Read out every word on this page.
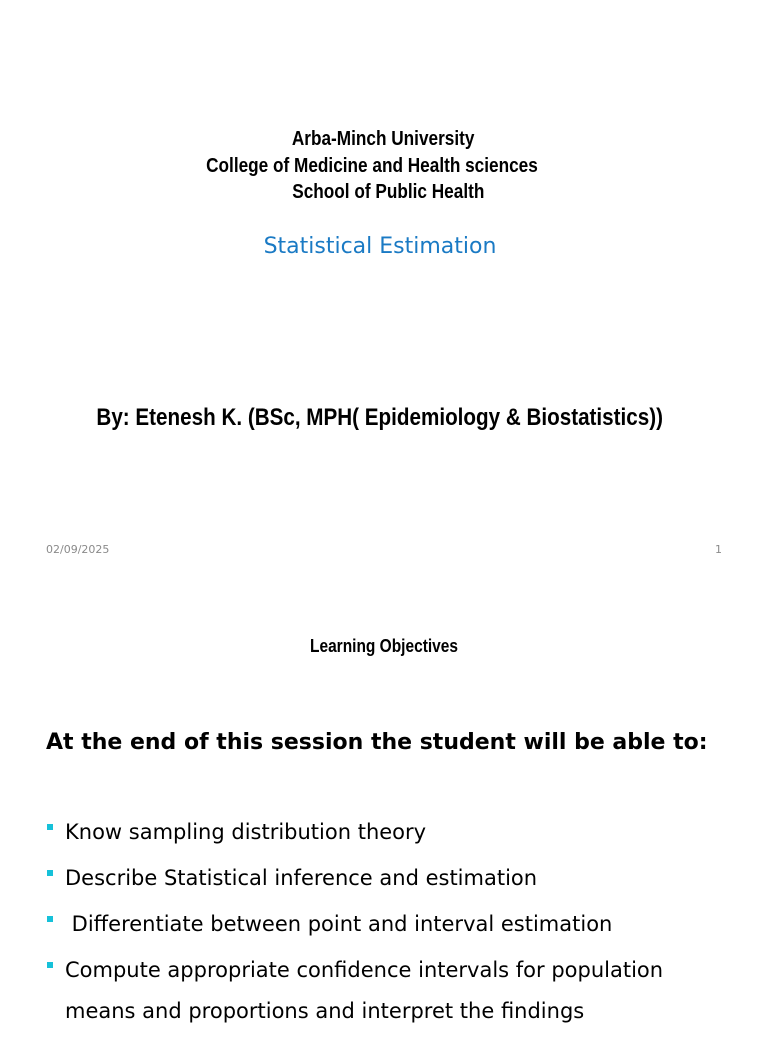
Arba-Minch University
College of Medicine and Health sciences
School of Public Health
Statistical Estimation
By: Etenesh K. (BSc, MPH( Epidemiology & Biostatistics))
02/09/2025	1
Learning Objectives

At the end of this session the student will be able to:

Know sampling distribution theory
Describe Statistical inference and estimation
Differentiate between point and interval estimation
Compute appropriate confidence intervals for population means and proportions and interpret the findings
